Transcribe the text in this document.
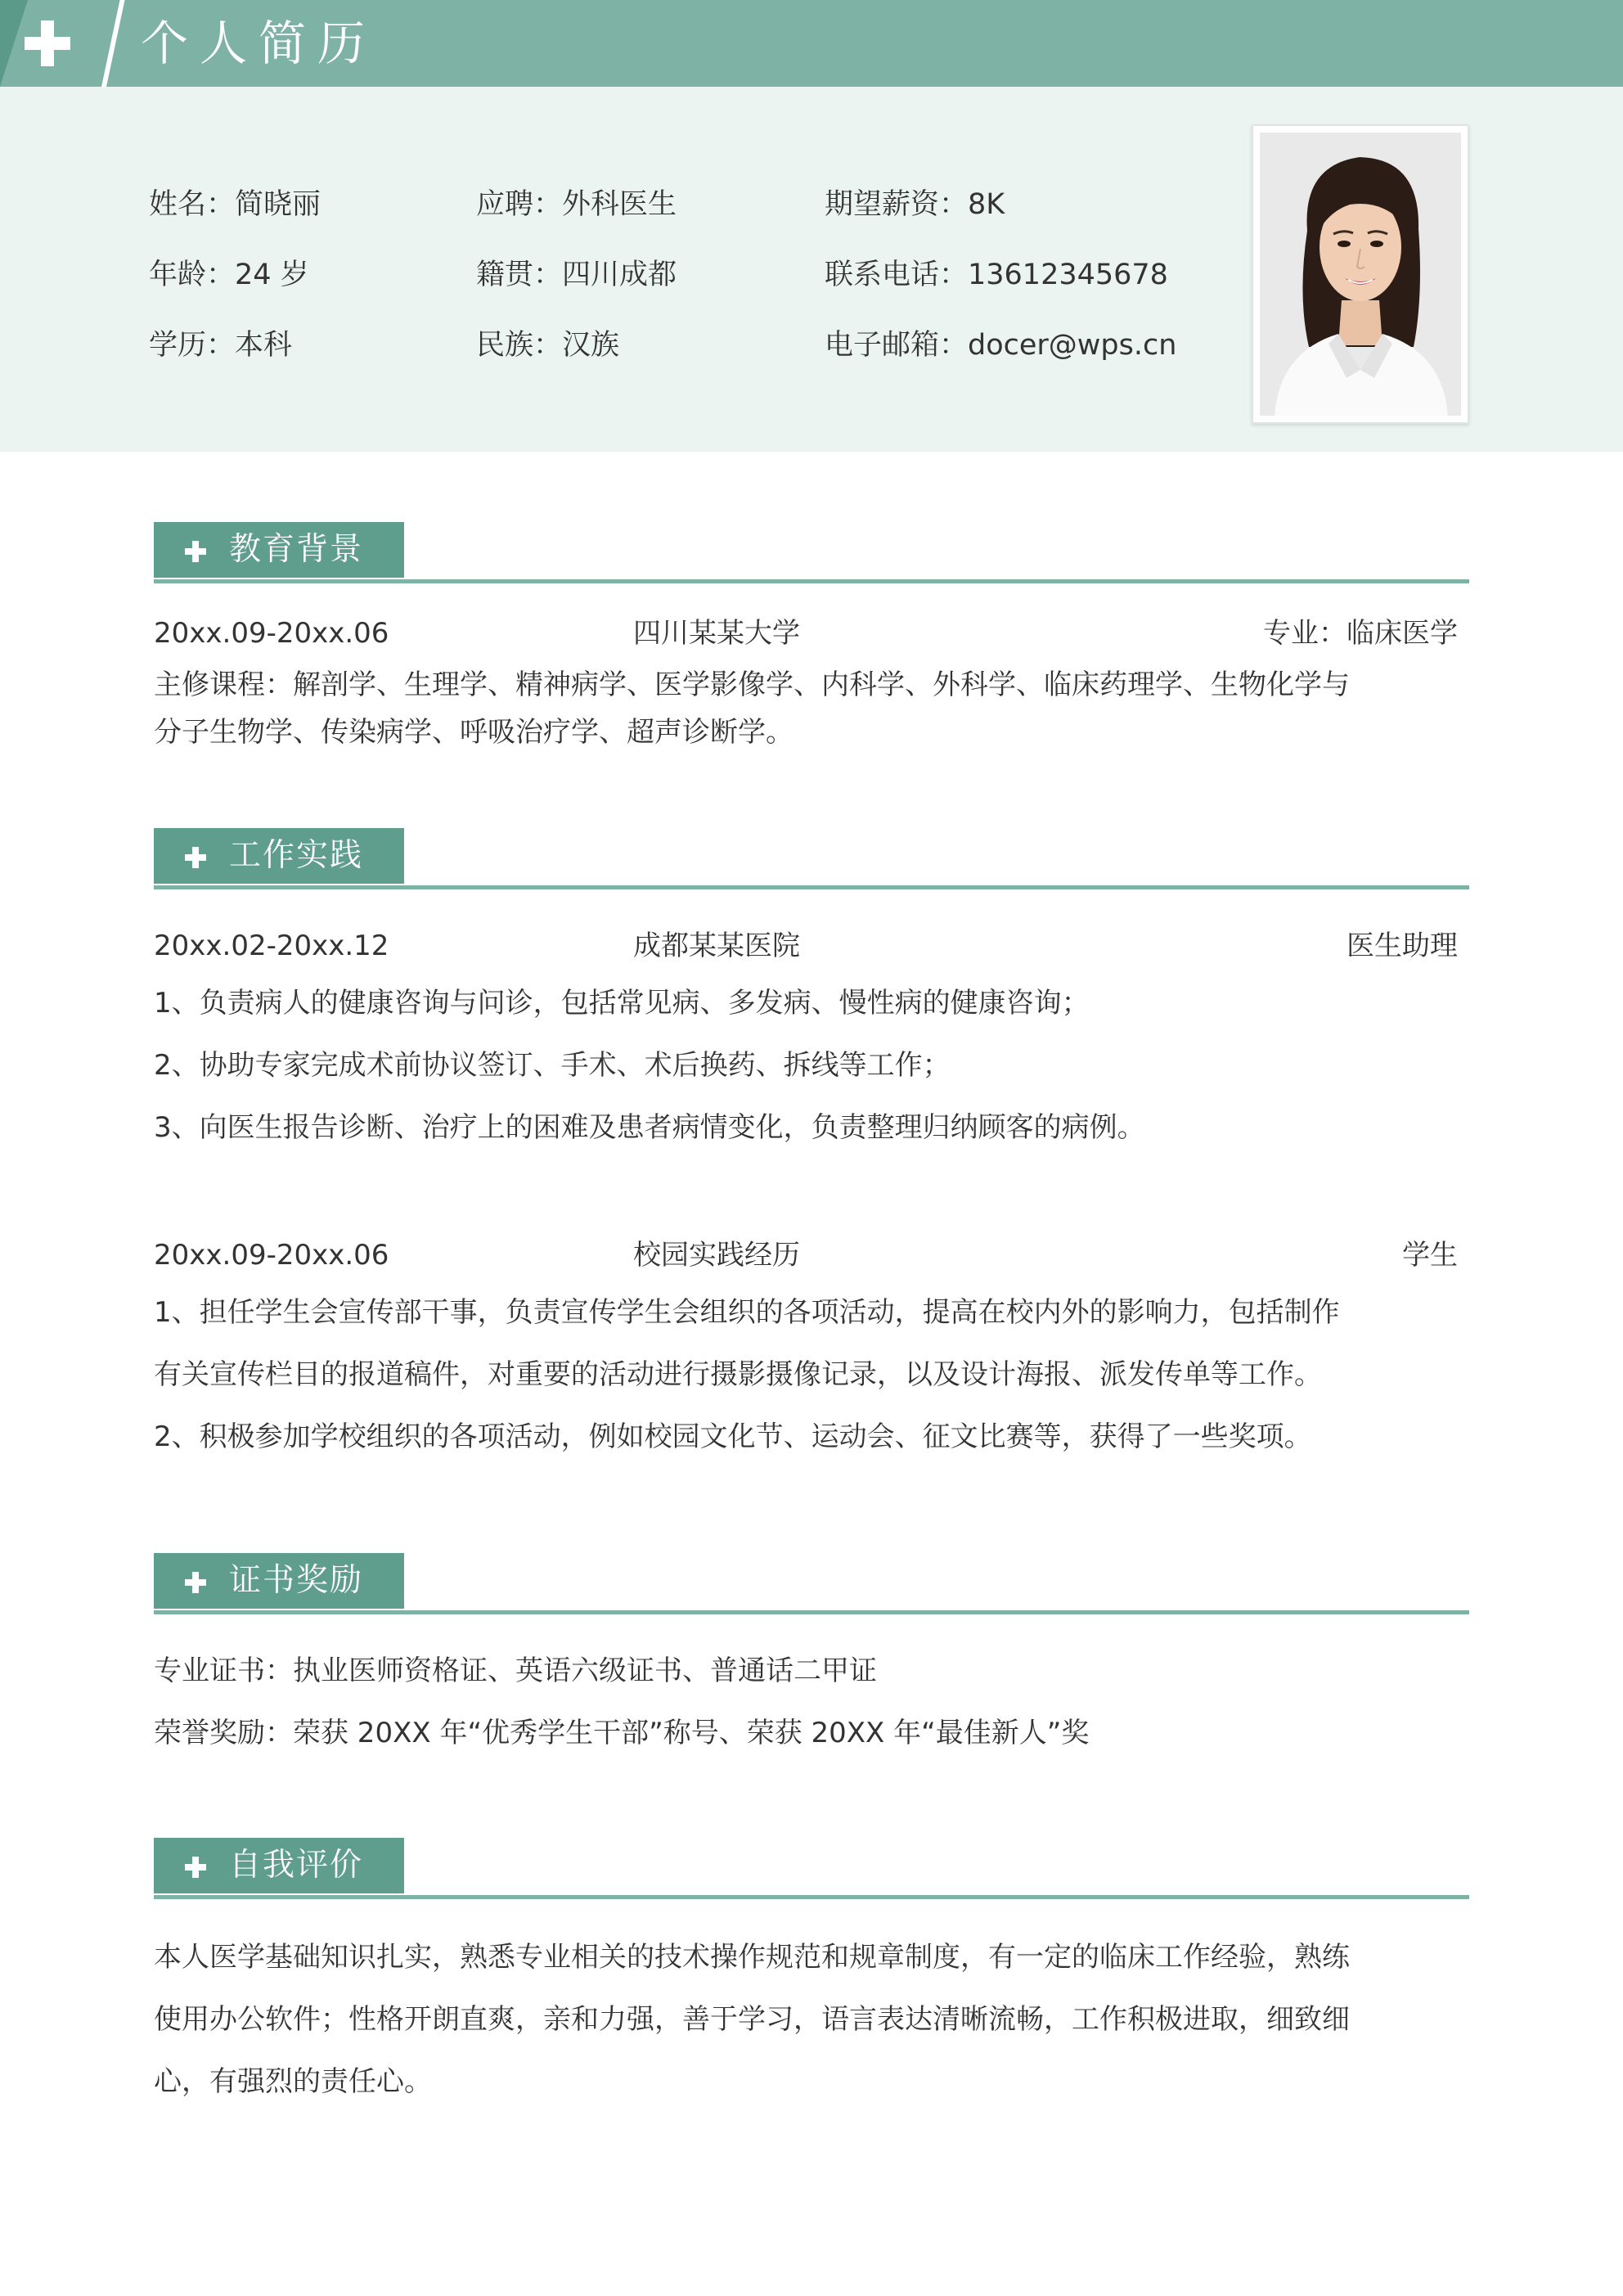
个人简历
姓名：简晓丽	应聘：外科医生	期望薪资：8K
年龄：24 岁	籍贯：四川成都	联系电话：13612345678
学历：本科	民族：汉族	电子邮箱：docer@wps.cn
教育背景
20xx.09-20xx.06	四川某某大学	专业：临床医学
主修课程：解剖学、生理学、精神病学、医学影像学、内科学、外科学、临床药理学、生物化学与
分子生物学、传染病学、呼吸治疗学、超声诊断学。
工作实践
20xx.02-20xx.12	成都某某医院	医生助理
1、负责病人的健康咨询与问诊，包括常见病、多发病、慢性病的健康咨询；
2、协助专家完成术前协议签订、手术、术后换药、拆线等工作；
3、向医生报告诊断、治疗上的困难及患者病情变化，负责整理归纳顾客的病例。
20xx.09-20xx.06	校园实践经历	学生
1、担任学生会宣传部干事，负责宣传学生会组织的各项活动，提高在校内外的影响力，包括制作
有关宣传栏目的报道稿件，对重要的活动进行摄影摄像记录，以及设计海报、派发传单等工作。
2、积极参加学校组织的各项活动，例如校园文化节、运动会、征文比赛等，获得了一些奖项。
证书奖励
专业证书：执业医师资格证、英语六级证书、普通话二甲证
荣誉奖励：荣获 20XX 年“优秀学生干部”称号、荣获 20XX 年“最佳新人”奖
自我评价
本人医学基础知识扎实，熟悉专业相关的技术操作规范和规章制度，有一定的临床工作经验，熟练
使用办公软件；性格开朗直爽，亲和力强，善于学习，语言表达清晰流畅，工作积极进取，细致细
心，有强烈的责任心。
